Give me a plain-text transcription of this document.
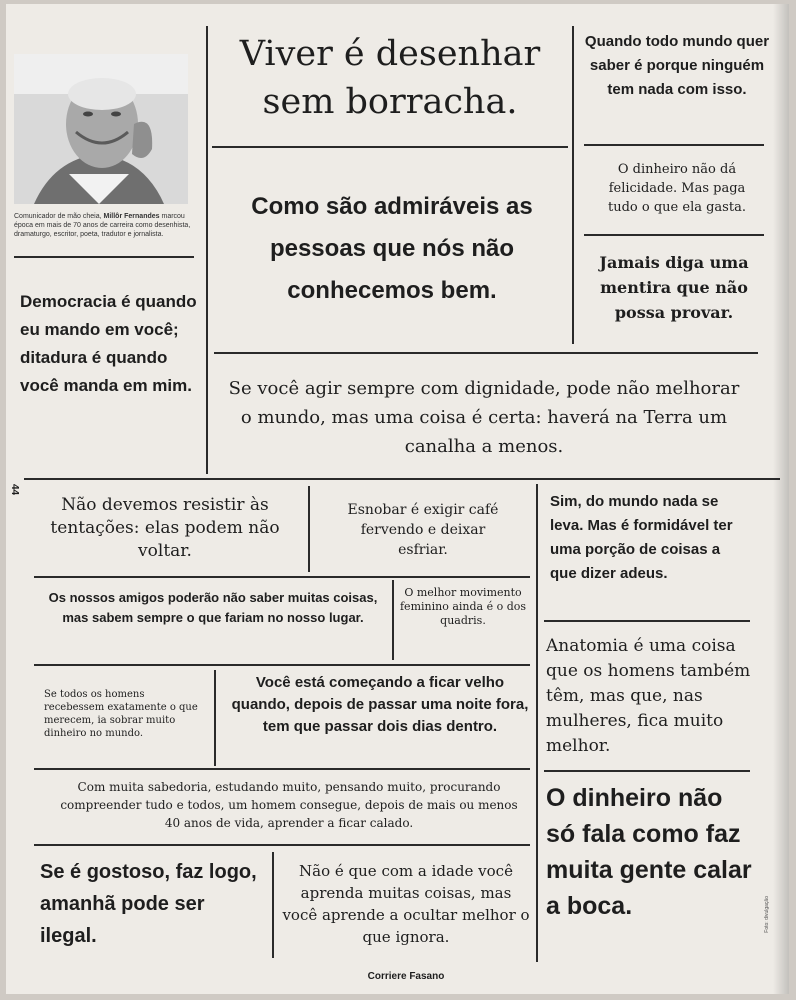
Comunicador de mão cheia, Millôr Fernandes marcou época em mais de 70 anos de carreira como desenhista, dramaturgo, escritor, poeta, tradutor e jornalista.
Viver é desenhar sem borracha.
Quando todo mundo quer saber é porque ninguém tem nada com isso.
O dinheiro não dá felicidade. Mas paga tudo o que ela gasta.
Jamais diga uma mentira que não possa provar.
Como são admiráveis as pessoas que nós não conhecemos bem.
Democracia é quando eu mando em você; ditadura é quando você manda em mim.	Se você agir sempre com dignidade, pode não melhorar o mundo, mas uma coisa é certa: haverá na Terra um canalha a menos.
44
Não devemos resistir às tentações: elas podem não voltar.
Esnobar é exigir café fervendo e deixar esfriar.
Sim, do mundo nada se leva. Mas é formidável ter uma porção de coisas a que dizer adeus.
Os nossos amigos poderão não saber muitas coisas, mas sabem sempre o que fariam no nosso lugar.
O melhor movimento feminino ainda é o dos quadris.
Anatomia é uma coisa que os homens também têm, mas que, nas mulheres, fica muito melhor.
Se todos os homens recebessem exatamente o que merecem, ia sobrar muito dinheiro no mundo.
Você está começando a ficar velho quando, depois de passar uma noite fora, tem que passar dois dias dentro.
Com muita sabedoria, estudando muito, pensando muito, procurando compreender tudo e todos, um homem consegue, depois de mais ou menos 40 anos de vida, aprender a ficar calado.
O dinheiro não só fala como faz muita gente calar a boca.
Se é gostoso, faz logo, amanhã pode ser ilegal.
Não é que com a idade você aprenda muitas coisas, mas você aprende a ocultar melhor o que ignora.
Foto: divulgação
Corriere Fasano
